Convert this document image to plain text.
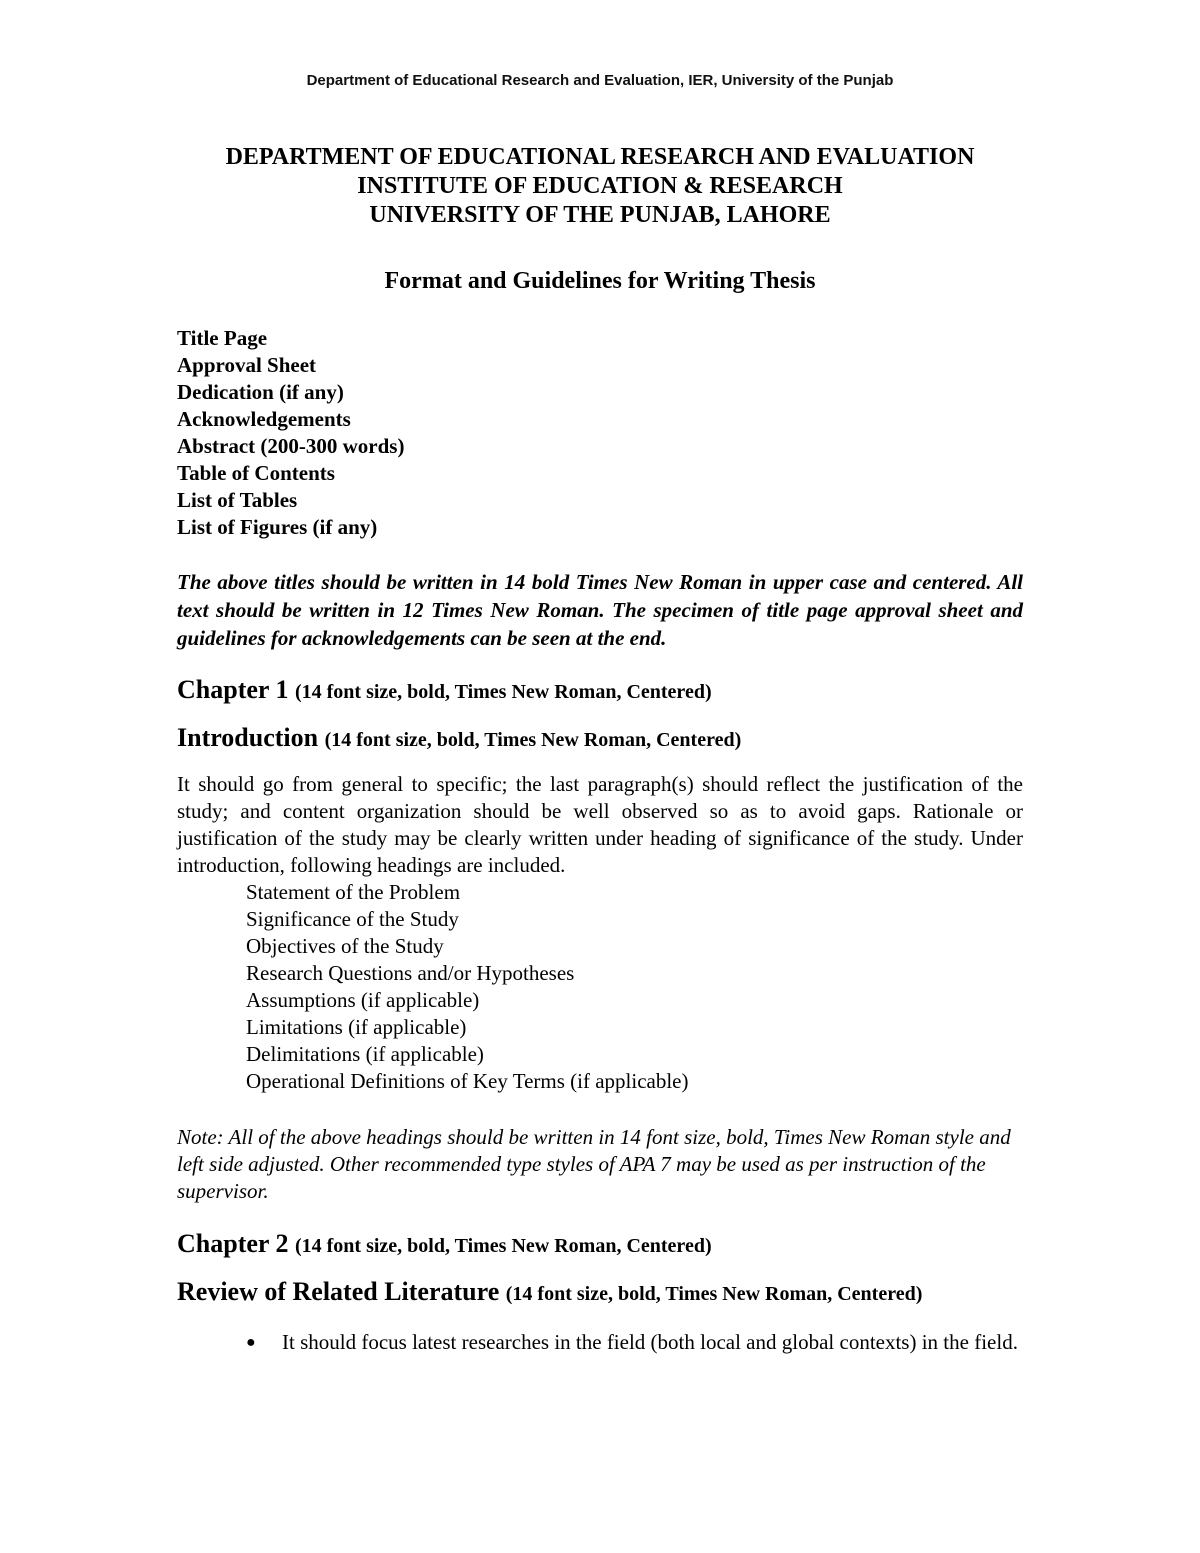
Department of Educational Research and Evaluation, IER, University of the Punjab
DEPARTMENT OF EDUCATIONAL RESEARCH AND EVALUATION
INSTITUTE OF EDUCATION & RESEARCH
UNIVERSITY OF THE PUNJAB, LAHORE
Format and Guidelines for Writing Thesis
Title Page
Approval Sheet
Dedication (if any)
Acknowledgements
Abstract (200-300 words)
Table of Contents
List of Tables
List of Figures (if any)

The above titles should be written in 14 bold Times New Roman in upper case and centered. All text should be written in 12 Times New Roman. The specimen of title page approval sheet and guidelines for acknowledgements can be seen at the end.

Chapter 1 (14 font size, bold, Times New Roman, Centered)
Introduction (14 font size, bold, Times New Roman, Centered)

It should go from general to specific; the last paragraph(s) should reflect the justification of the study; and content organization should be well observed so as to avoid gaps. Rationale or justification of the study may be clearly written under heading of significance of the study. Under introduction, following headings are included.

Statement of the Problem
Significance of the Study
Objectives of the Study
Research Questions and/or Hypotheses
Assumptions (if applicable)
Limitations (if applicable)
Delimitations (if applicable)
Operational Definitions of Key Terms (if applicable)

Note: All of the above headings should be written in 14 font size, bold, Times New Roman style and left side adjusted. Other recommended type styles of APA 7 may be used as per instruction of the supervisor.

Chapter 2 (14 font size, bold, Times New Roman, Centered)
Review of Related Literature (14 font size, bold, Times New Roman, Centered)
● It should focus latest researches in the field (both local and global contexts) in the field.
